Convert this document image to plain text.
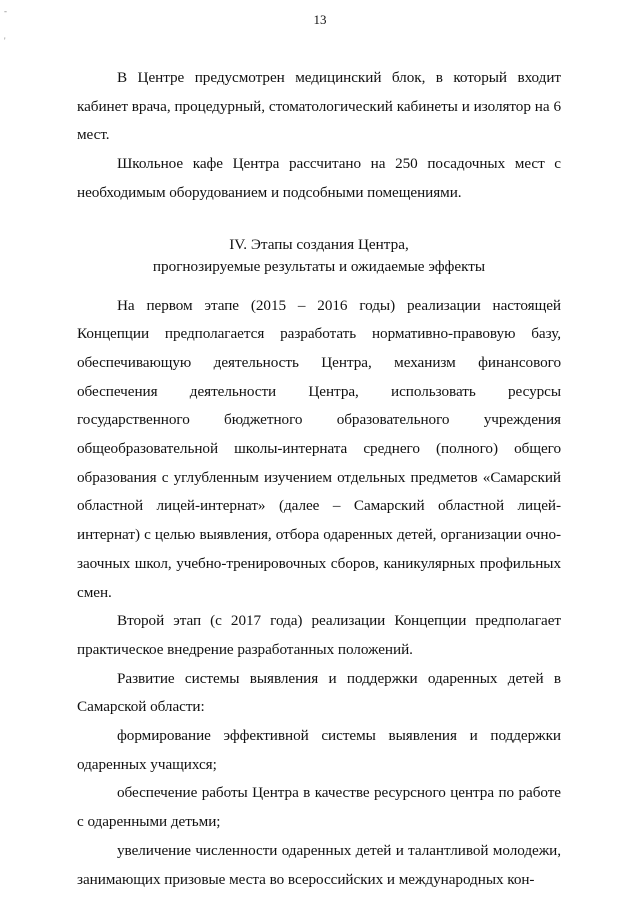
-
'
13

В Центре предусмотрен медицинский блок, в который входит кабинет врача, процедурный, стоматологический кабинеты и изолятор на 6 мест.

Школьное кафе Центра рассчитано на 250 посадочных мест с необходимым оборудованием и подсобными помещениями.

IV. Этапы создания Центра,
прогнозируемые результаты и ожидаемые эффекты

На первом этапе (2015 – 2016 годы) реализации настоящей Концепции предполагается разработать нормативно-правовую базу, обеспечивающую деятельность Центра, механизм финансового обеспечения деятельности Центра, использовать ресурсы государственного бюджетного образовательного учреждения общеобразовательной школы-интерната среднего (полного) общего образования с углубленным изучением отдельных предметов «Самарский областной лицей-интернат» (далее – Самарский областной лицей-интернат) с целью выявления, отбора одаренных детей, организации очно-заочных школ, учебно-тренировочных сборов, каникулярных профильных смен.

Второй этап (с 2017 года) реализации Концепции предполагает практическое внедрение разработанных положений.

Развитие системы выявления и поддержки одаренных детей в Самарской области:

формирование эффективной системы выявления и поддержки одаренных учащихся;

обеспечение работы Центра в качестве ресурсного центра по работе с одаренными детьми;

увеличение численности одаренных детей и талантливой молодежи, занимающих призовые места во всероссийских и международных кон-
